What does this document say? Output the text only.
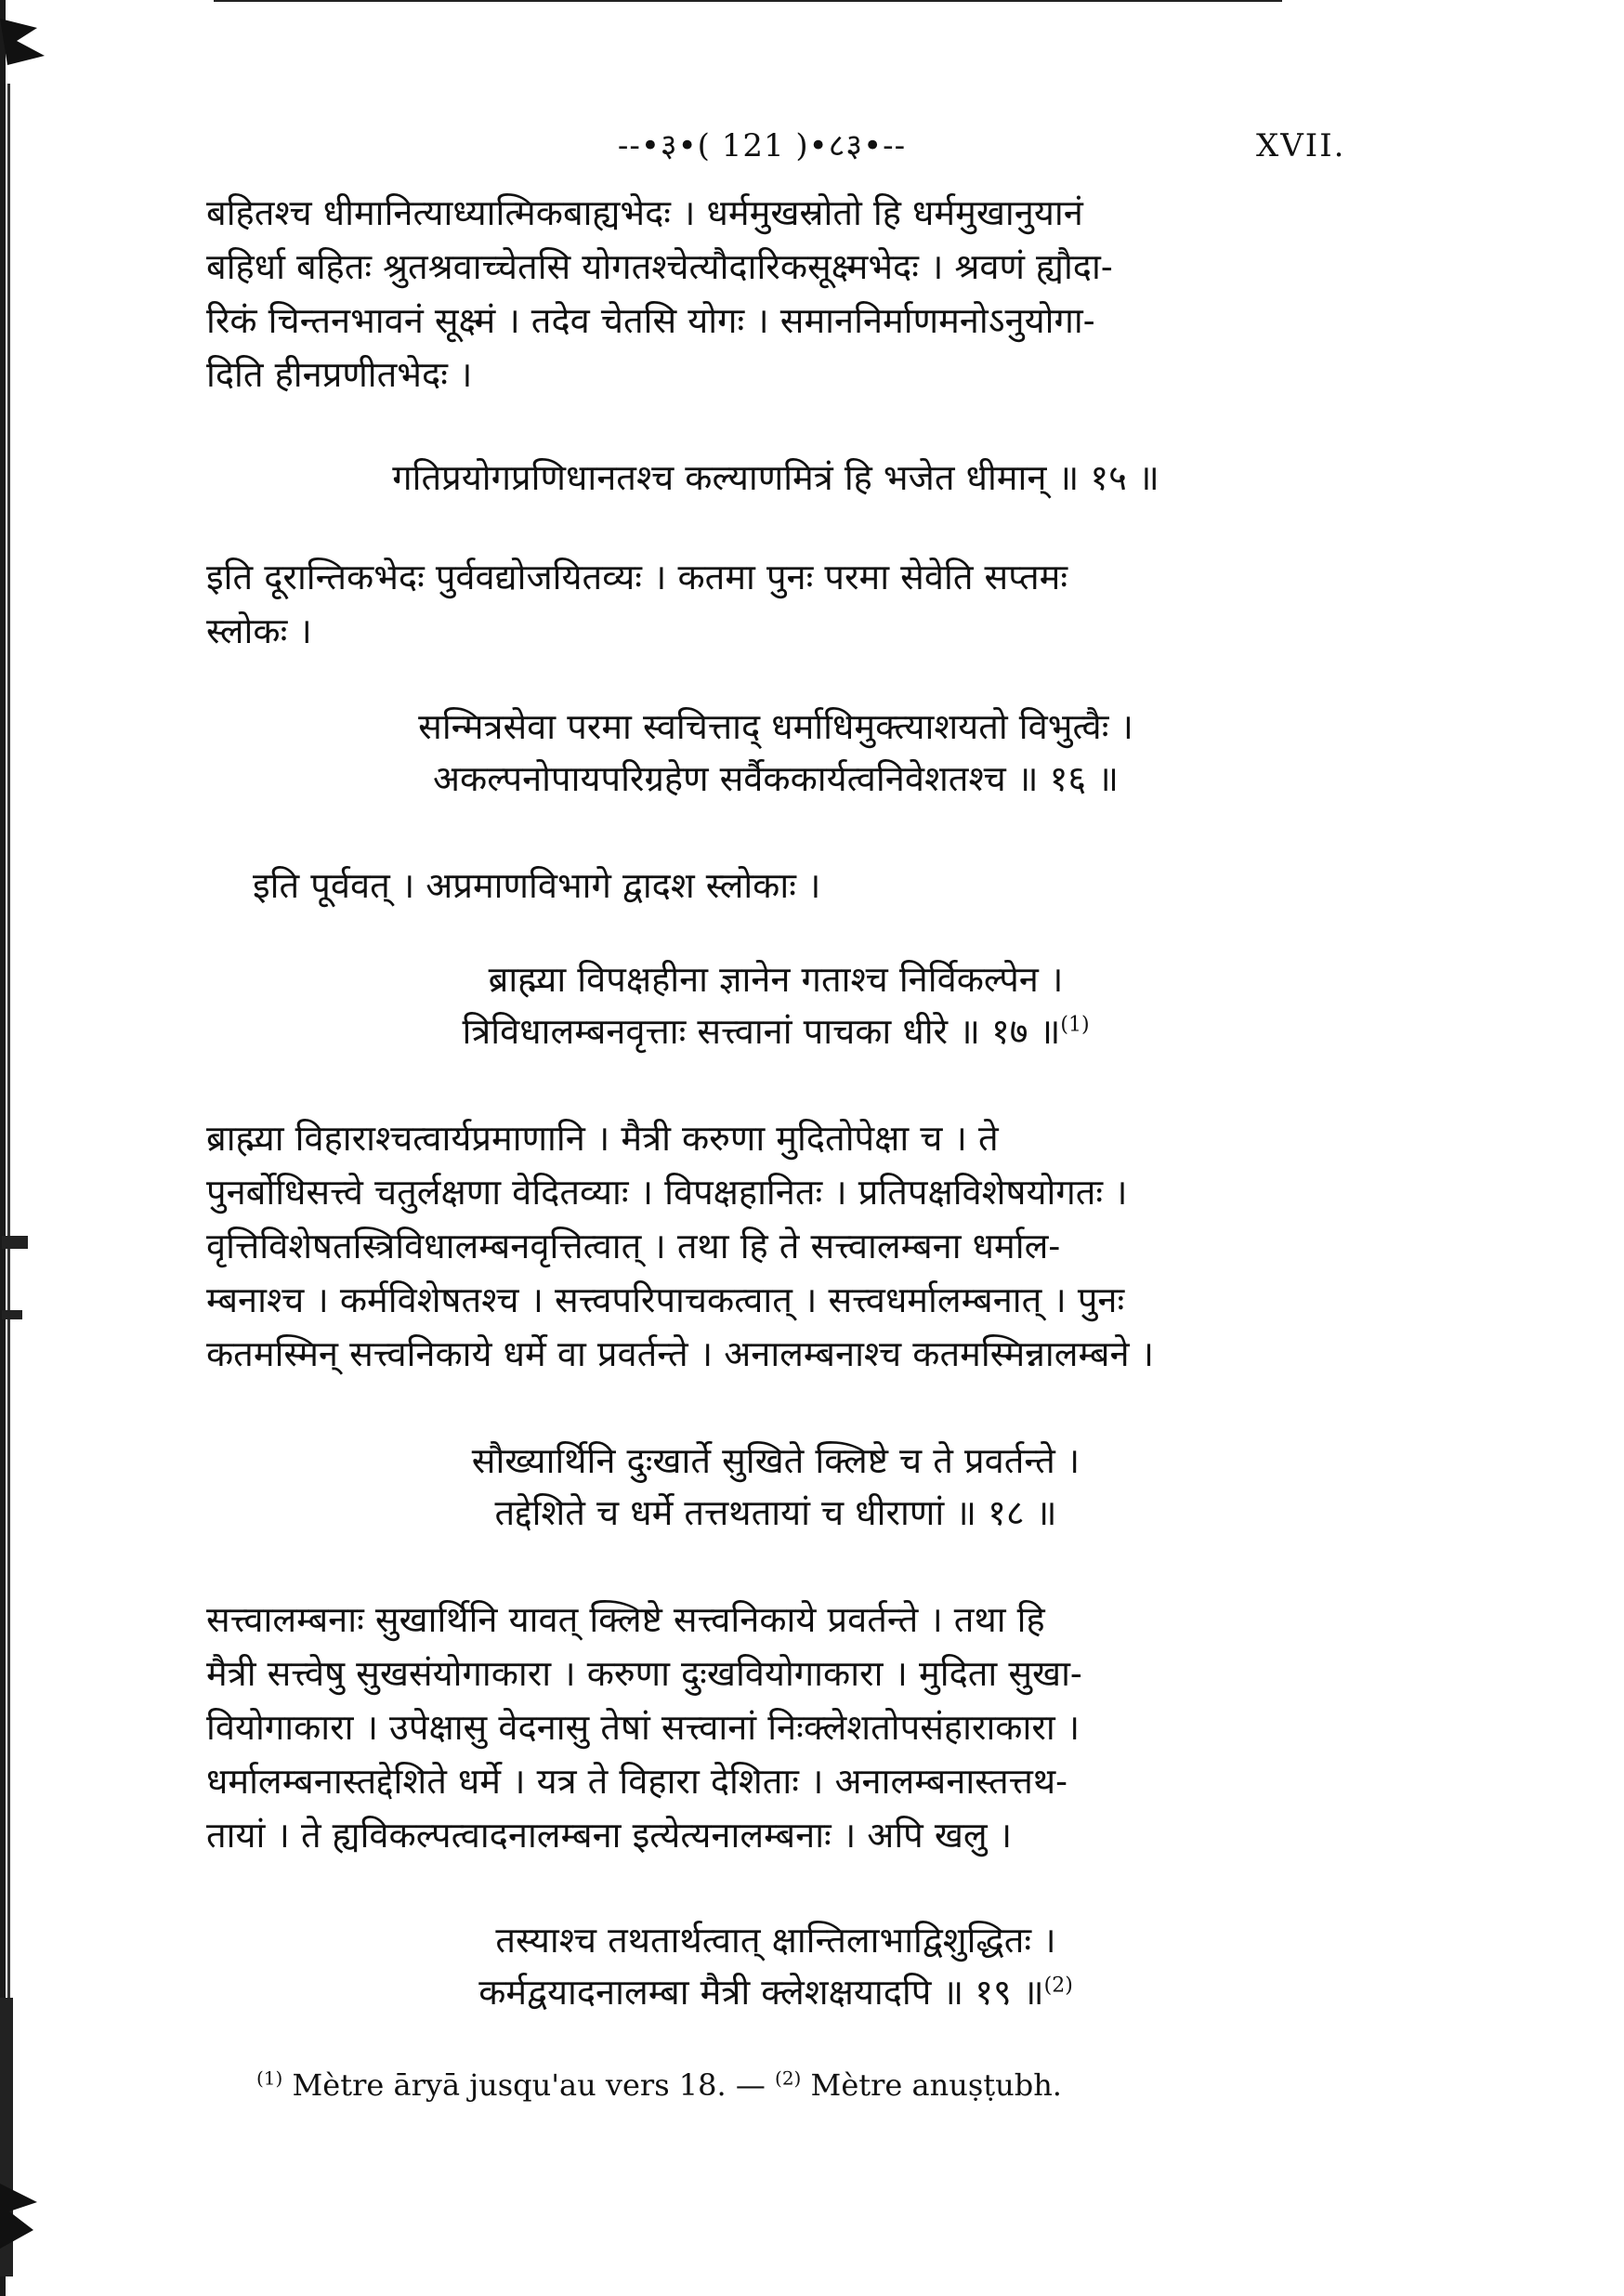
--•३•( 121 )•८३•--	XVII.
बहितश्च धीमानित्याध्यात्मिकबाह्यभेदः । धर्ममुखस्रोतो हि धर्ममुखानुयानं
बहिर्धा बहितः श्रुतश्रवाच्चेतसि योगतश्चेत्यौदारिकसूक्ष्मभेदः । श्रवणं ह्यौदा-
रिकं चिन्तनभावनं सूक्ष्मं । तदेव चेतसि योगः । समाननिर्माणमनोऽनुयोगा-
दिति हीनप्रणीतभेदः ।
गतिप्रयोगप्रणिधानतश्च कल्याणमित्रं हि भजेत धीमान् ॥ १५ ॥
इति दूरान्तिकभेदः पुर्ववद्योजयितव्यः । कतमा पुनः परमा सेवेति सप्तमः
स्लोकः ।
सन्मित्रसेवा परमा स्वचित्ताद् धर्माधिमुक्त्याशयतो विभुत्वैः ।
अकल्पनोपायपरिग्रहेण सर्वैककार्यत्वनिवेशतश्च ॥ १६ ॥
इति पूर्ववत् । अप्रमाणविभागे द्वादश स्लोकाः ।
ब्राह्म्या विपक्षहीना ज्ञानेन गताश्च निर्विकल्पेन ।
त्रिविधालम्बनवृत्ताः सत्त्वानां पाचका धीरे ॥ १७ ॥$^{(1)}$
ब्राह्म्या विहाराश्चत्वार्यप्रमाणानि । मैत्री करुणा मुदितोपेक्षा च । ते
पुनर्बोधिसत्त्वे चतुर्लक्षणा वेदितव्याः । विपक्षहानितः । प्रतिपक्षविशेषयोगतः ।
वृत्तिविशेषतस्त्रिविधालम्बनवृत्तित्वात् । तथा हि ते सत्त्वालम्बना धर्माल-
म्बनाश्च । कर्मविशेषतश्च । सत्त्वपरिपाचकत्वात् । सत्त्वधर्मालम्बनात् । पुनः
कतमस्मिन् सत्त्वनिकाये धर्मे वा प्रवर्तन्ते । अनालम्बनाश्च कतमस्मिन्नालम्बने ।
सौख्यार्थिनि दुःखार्ते सुखिते क्लिष्टे च ते प्रवर्तन्ते ।
तद्देशिते च धर्मे तत्तथतायां च धीराणां ॥ १८ ॥
सत्त्वालम्बनाः सुखार्थिनि यावत् क्लिष्टे सत्त्वनिकाये प्रवर्तन्ते । तथा हि
मैत्री सत्त्वेषु सुखसंयोगाकारा । करुणा दुःखवियोगाकारा । मुदिता सुखा-
वियोगाकारा । उपेक्षासु वेदनासु तेषां सत्त्वानां निःक्लेशतोपसंहाराकारा ।
धर्मालम्बनास्तद्देशिते धर्मे । यत्र ते विहारा देशिताः । अनालम्बनास्तत्तथ-
तायां । ते ह्यविकल्पत्वादनालम्बना इत्येत्यनालम्बनाः । अपि खलु ।
तस्याश्च तथतार्थत्वात् क्षान्तिलाभाद्विशुद्धितः ।
कर्मद्वयादनालम्बा मैत्री क्लेशक्षयादपि ॥ १९ ॥$^{(2)}$
$^{(1)}$ Mètre āryā jusqu'au vers 18. — $^{(2)}$ Mètre anuṣṭubh.
